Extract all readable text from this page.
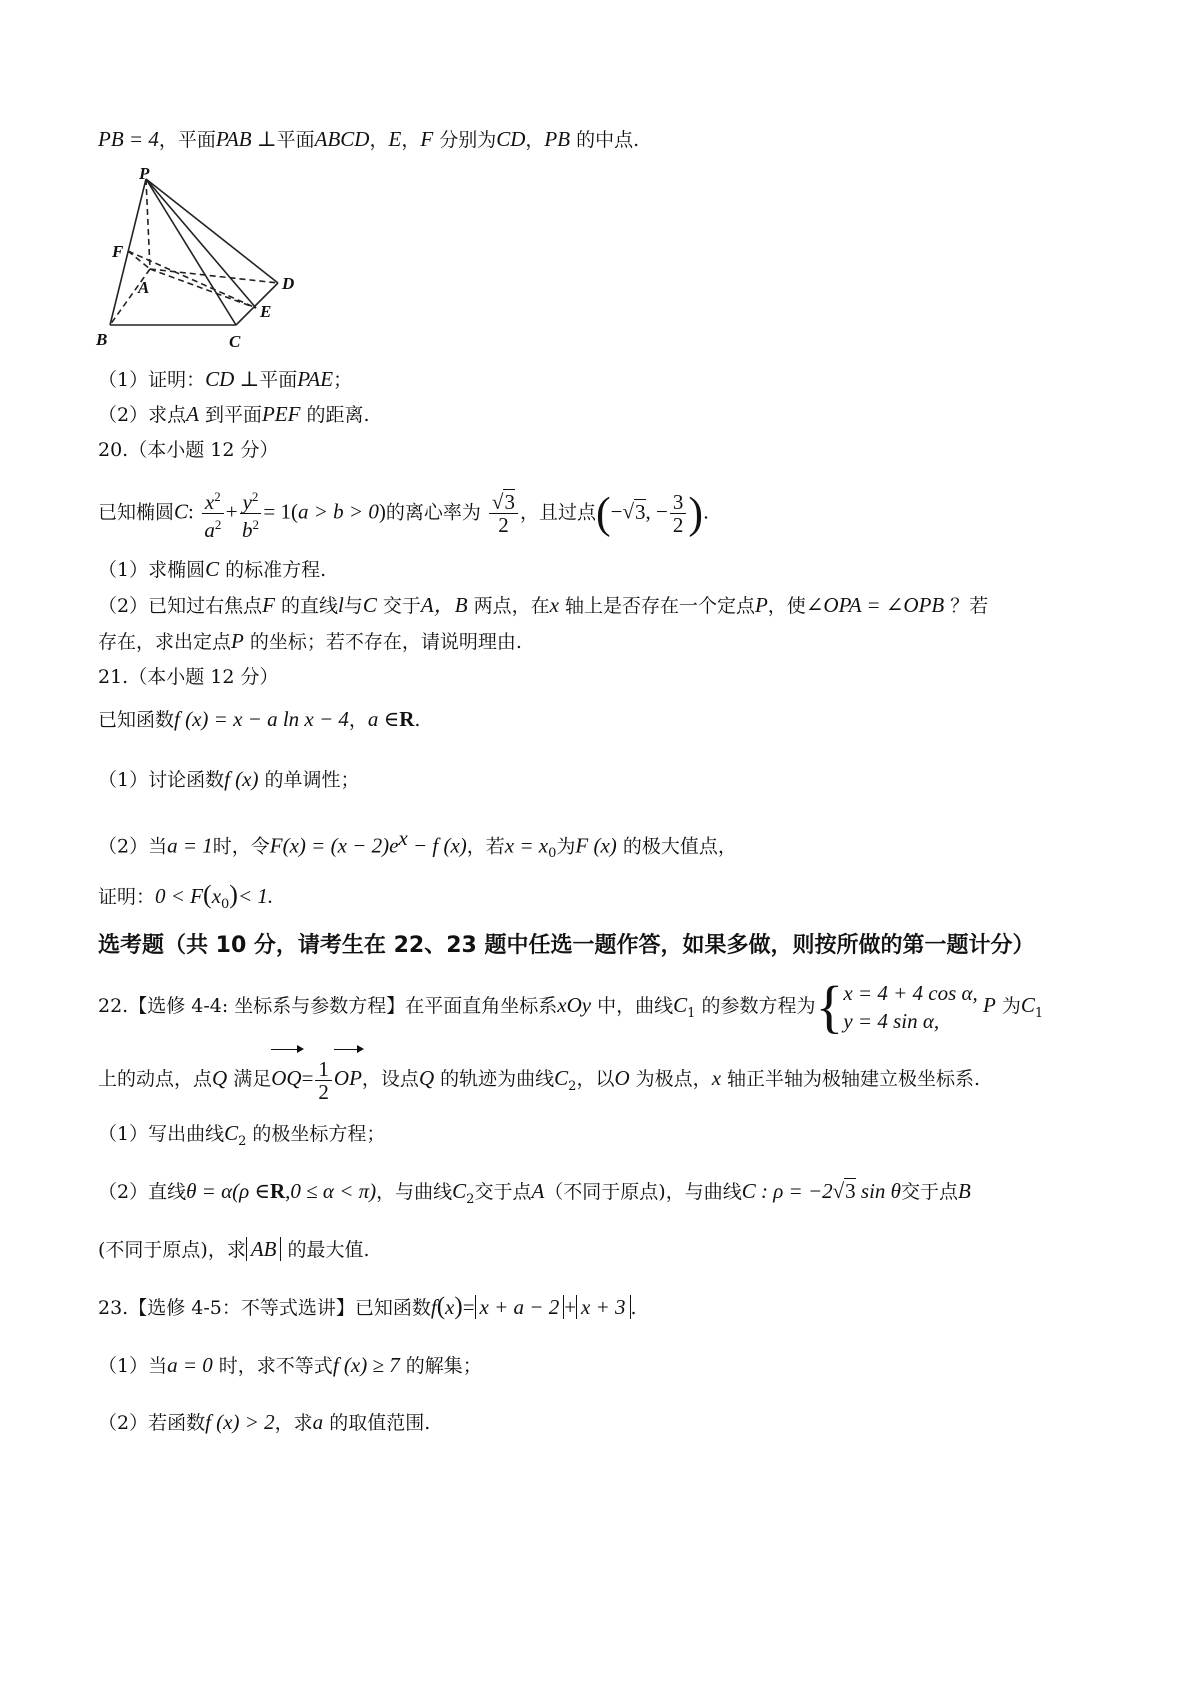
PB = 4，平面PAB ⊥平面ABCD，E，F 分别为CD，PB 的中点.
P
F
A	D
E
B	C
（1）证明：CD ⊥平面PAE；
（2）求点A 到平面PEF 的距离.
20.（本小题 12 分）
已知椭圆C: $\frac{x^2}{a^2} + \frac{y^2}{b^2} = 1(a > b > 0)$的离心率为 $\frac{√3}{2}$ ，且过点(−√3, − $\frac{3}{2}$ ).
（1）求椭圆C 的标准方程.
（2）已知过右焦点F 的直线l与C 交于A，B 两点，在x 轴上是否存在一个定点P，使∠OPA = ∠OPB ？若
存在，求出定点P 的坐标；若不存在，请说明理由.
21.（本小题 12 分）
已知函数f (x) = x − a ln x − 4，a ∈R.
（1）讨论函数f (x) 的单调性；
（2）当a = 1时，令$F(x) = (x - 2)e^x - f$ (x)，若$x = x_0$为F (x) 的极大值点，
证明：$0 < F(x_0)< 1$.
选考题（共 10 分，请考生在 22、23 题中任选一题作答，如果多做，则按所做的第一题计分）
22.【选修 4-4: 坐标系与参数方程】在平面直角坐标系xOy 中，曲线$C_1$ 的参数方程为{ x = 4 + 4 cos α,
y = 4 sin α,
P 为$C_1$
上的动点，点Q 满足$OQ= \frac{1}{2}$ OP，设点Q 的轨迹为曲线$C_2$，以O 为极点，x 轴正半轴为极轴建立极坐标系.
（1）写出曲线$C_2$ 的极坐标方程；
（2）直线θ = α(ρ ∈R,0 ≤ α < π)，与曲线$C_2$交于点A（不同于原点)，与曲线C : ρ = −2√3 sin θ交于点B
(不同于原点)，求 AB 的最大值.
23.【选修 4-5：不等式选讲】已知函数f(x)= x + a − 2 + x + 3 .
（1）当a = 0 时，求不等式f (x) ≥ 7 的解集；
（2）若函数f (x) > 2，求a 的取值范围.
